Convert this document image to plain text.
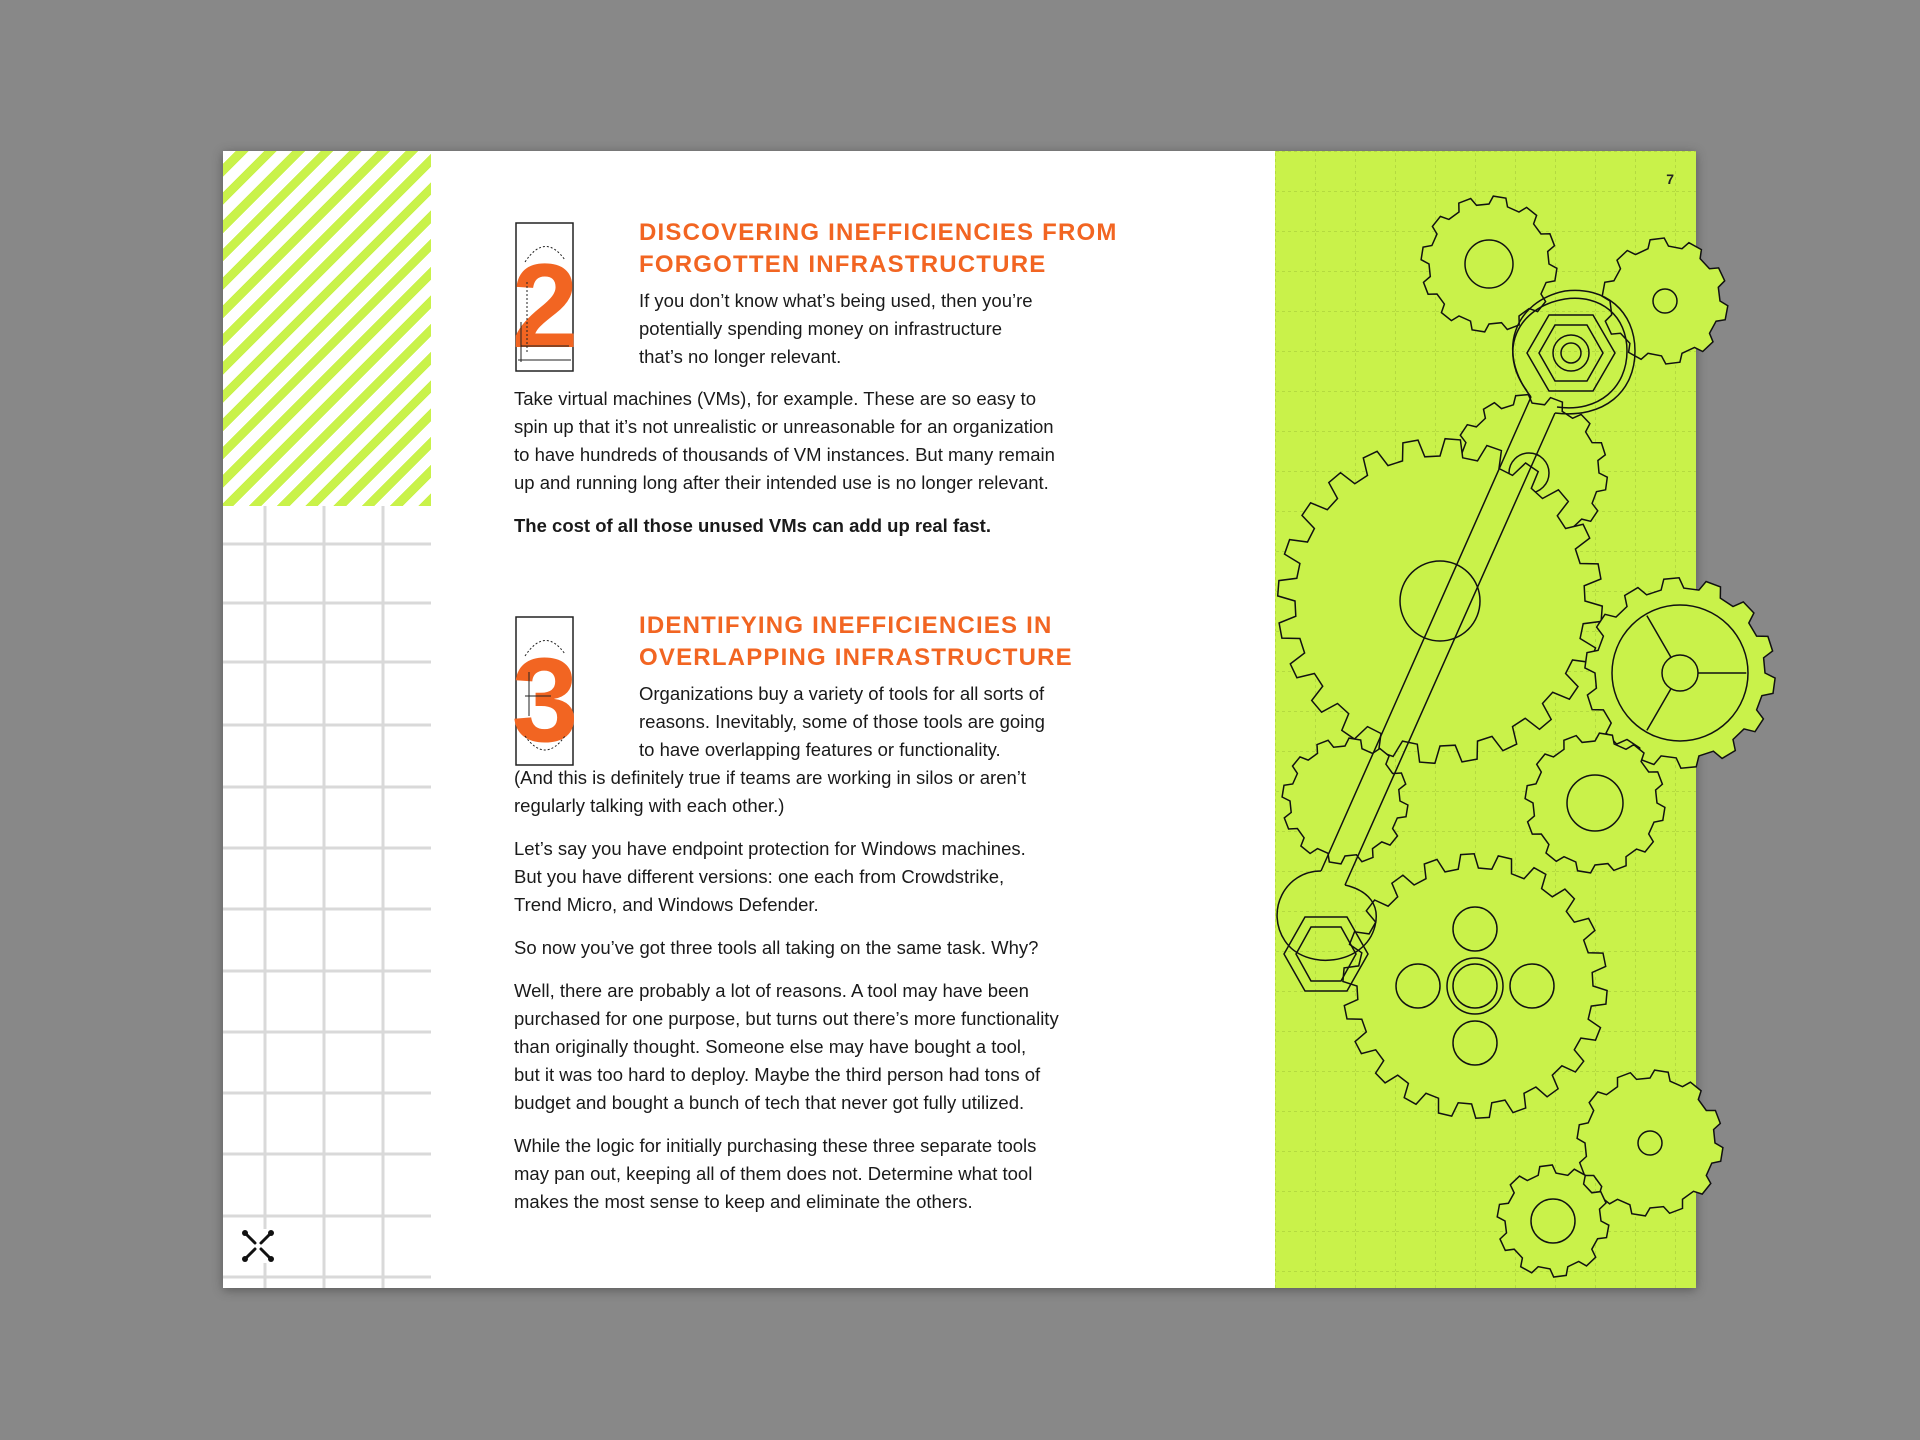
2
DISCOVERING INEFFICIENCIES FROM
FORGOTTEN INFRASTRUCTURE

If you don’t know what’s being used, then you’re

potentially spending money on infrastructure

that’s no longer relevant.

Take virtual machines (VMs), for example. These are so easy to

spin up that it’s not unrealistic or unreasonable for an organization

to have hundreds of thousands of VM instances. But many remain

up and running long after their intended use is no longer relevant.

The cost of all those unused VMs can add up real fast.

3
IDENTIFYING INEFFICIENCIES IN
OVERLAPPING INFRASTRUCTURE

Organizations buy a variety of tools for all sorts of

reasons. Inevitably, some of those tools are going

to have overlapping features or functionality.

(And this is definitely true if teams are working in silos or aren’t

regularly talking with each other.)

Let’s say you have endpoint protection for Windows machines.

But you have different versions: one each from Crowdstrike,

Trend Micro, and Windows Defender.

So now you’ve got three tools all taking on the same task. Why?

Well, there are probably a lot of reasons. A tool may have been

purchased for one purpose, but turns out there’s more functionality

than originally thought. Someone else may have bought a tool,

but it was too hard to deploy. Maybe the third person had tons of

budget and bought a bunch of tech that never got fully utilized.

While the logic for initially purchasing these three separate tools

may pan out, keeping all of them does not. Determine what tool

makes the most sense to keep and eliminate the others.

7
